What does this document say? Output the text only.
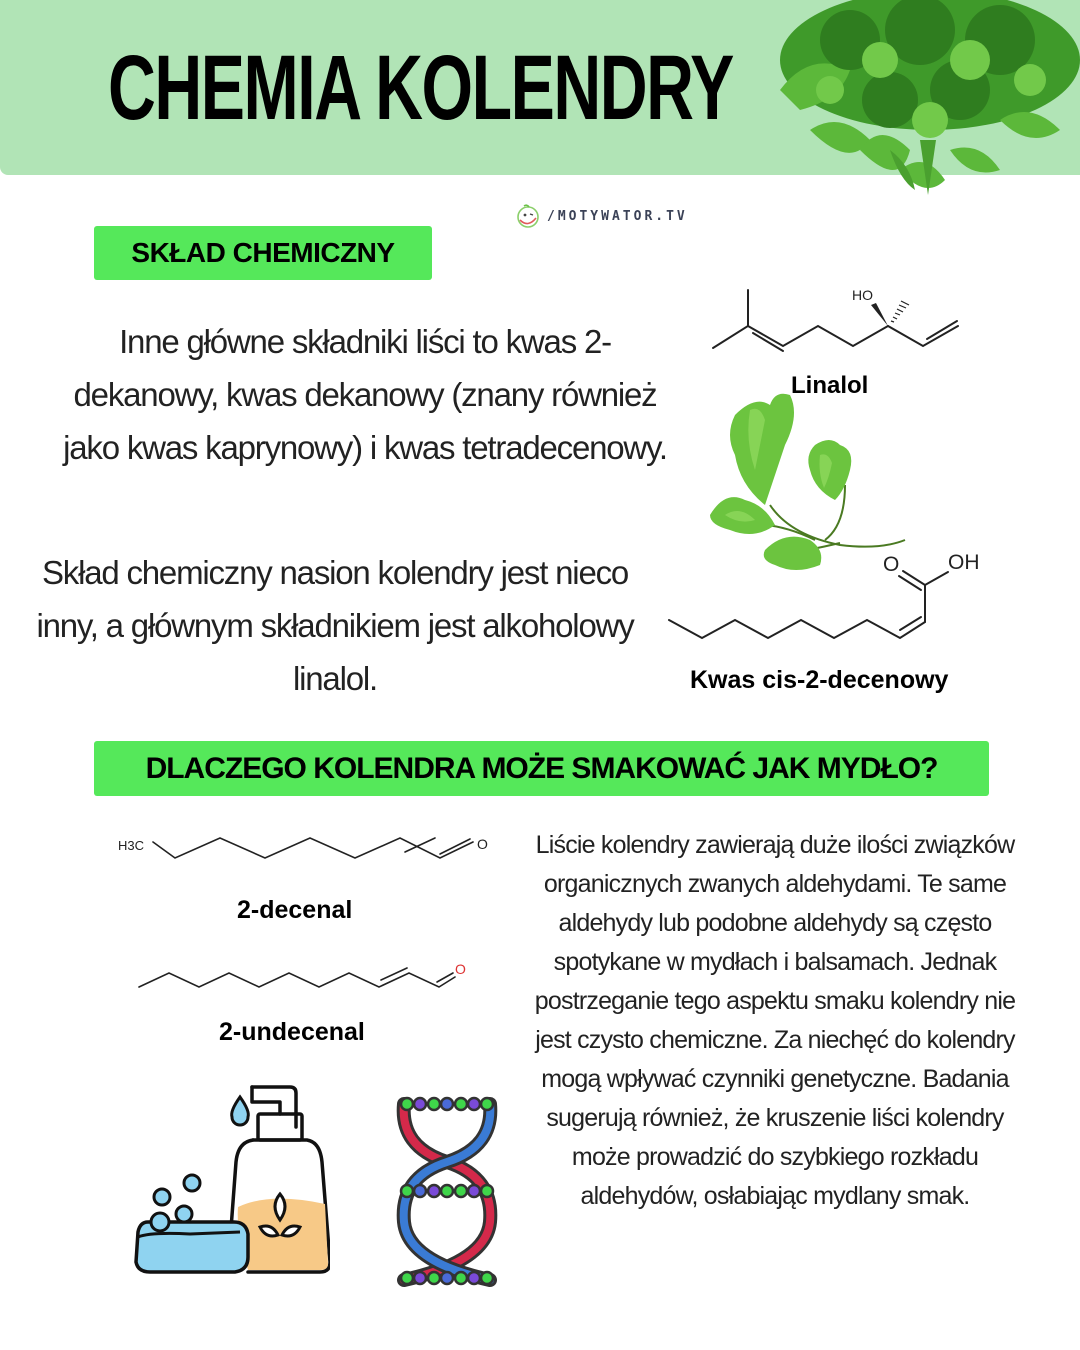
CHEMIA KOLENDRY
/MOTYWATOR.TV
SKŁAD CHEMICZNY
Inne główne składniki liści to kwas 2-dekanowy, kwas dekanowy (znany również jako kwas kaprynowy) i kwas tetradecenowy.
Skład chemiczny nasion kolendry jest nieco inny, a głównym składnikiem jest alkoholowy linalol.
HO
Linalol
O OH
Kwas cis-2-decenowy
DLACZEGO KOLENDRA MOŻE SMAKOWAĆ JAK MYDŁO?
H3C	O
2-decenal
O
2-undecenal
Liście kolendry zawierają duże ilości związków organicznych zwanych aldehydami. Te same aldehydy lub podobne aldehydy są często spotykane w mydłach i balsamach. Jednak postrzeganie tego aspektu smaku kolendry nie jest czysto chemiczne. Za niechęć do kolendry mogą wpływać czynniki genetyczne. Badania sugerują również, że kruszenie liści kolendry może prowadzić do szybkiego rozkładu aldehydów, osłabiając mydlany smak.
